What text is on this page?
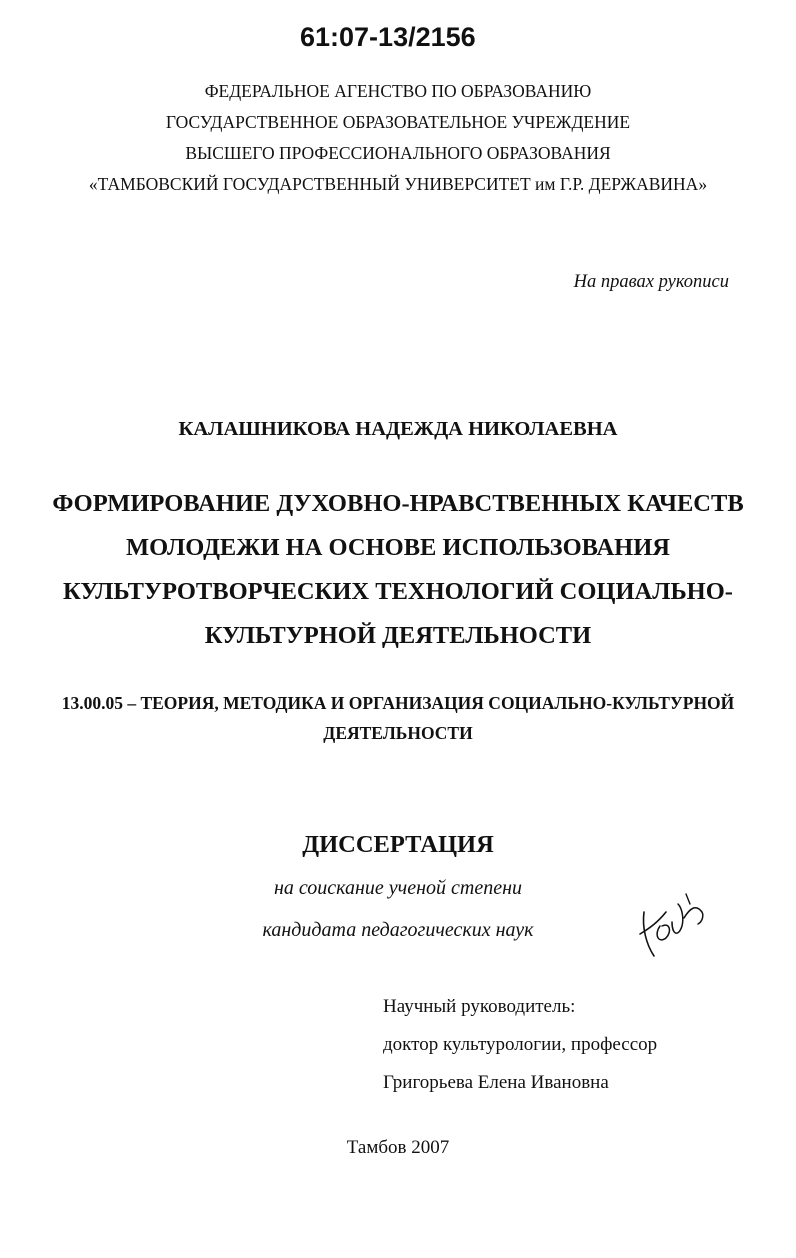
61:07-13/2156
ФЕДЕРАЛЬНОЕ АГЕНСТВО ПО ОБРАЗОВАНИЮ
ГОСУДАРСТВЕННОЕ ОБРАЗОВАТЕЛЬНОЕ УЧРЕЖДЕНИЕ
ВЫСШЕГО ПРОФЕССИОНАЛЬНОГО ОБРАЗОВАНИЯ
«ТАМБОВСКИЙ ГОСУДАРСТВЕННЫЙ УНИВЕРСИТЕТ им Г.Р. ДЕРЖАВИНА»
На правах рукописи
КАЛАШНИКОВА НАДЕЖДА НИКОЛАЕВНА
ФОРМИРОВАНИЕ ДУХОВНО-НРАВСТВЕННЫХ КАЧЕСТВ
МОЛОДЕЖИ НА ОСНОВЕ ИСПОЛЬЗОВАНИЯ
КУЛЬТУРОТВОРЧЕСКИХ ТЕХНОЛОГИЙ СОЦИАЛЬНО-
КУЛЬТУРНОЙ ДЕЯТЕЛЬНОСТИ
13.00.05 – ТЕОРИЯ, МЕТОДИКА И ОРГАНИЗАЦИЯ СОЦИАЛЬНО-КУЛЬТУРНОЙ
ДЕЯТЕЛЬНОСТИ
ДИССЕРТАЦИЯ
на соискание ученой степени
кандидата педагогических наук
Научный руководитель:
доктор культурологии, профессор
Григорьева Елена Ивановна
Тамбов 2007
